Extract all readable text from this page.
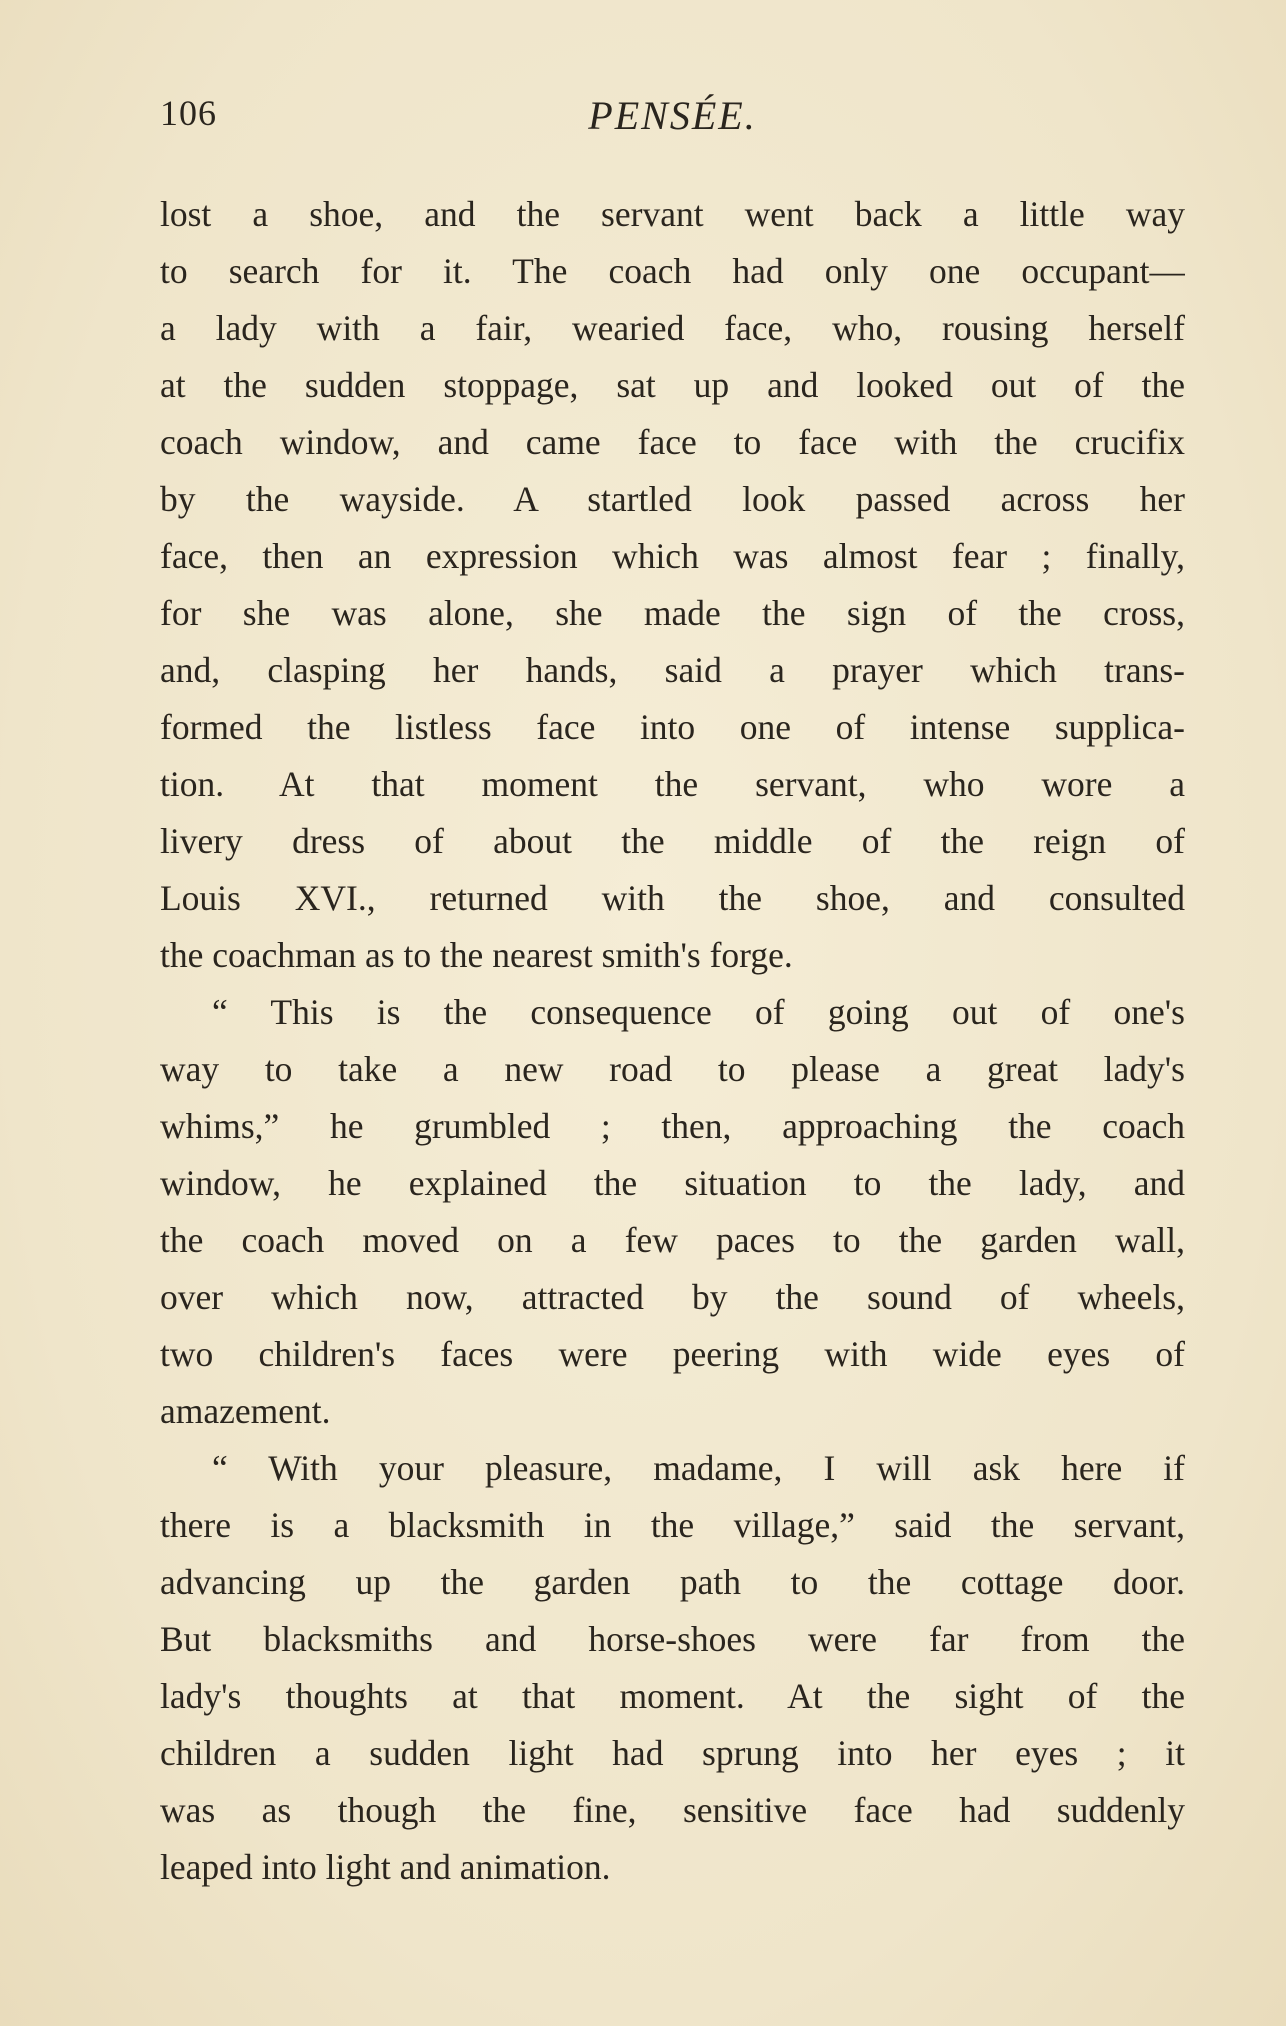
106	PENSÉE.
lost a shoe, and the servant went back a little way
to search for it. The coach had only one occupant—
a lady with a fair, wearied face, who, rousing herself
at the sudden stoppage, sat up and looked out of the
coach window, and came face to face with the crucifix
by the wayside. A startled look passed across her
face, then an expression which was almost fear ; finally,
for she was alone, she made the sign of the cross,
and, clasping her hands, said a prayer which trans-
formed the listless face into one of intense supplica-
tion. At that moment the servant, who wore a
livery dress of about the middle of the reign of
Louis XVI., returned with the shoe, and consulted
the coachman as to the nearest smith's forge.
“ This is the consequence of going out of one's
way to take a new road to please a great lady's
whims,” he grumbled ; then, approaching the coach
window, he explained the situation to the lady, and
the coach moved on a few paces to the garden wall,
over which now, attracted by the sound of wheels,
two children's faces were peering with wide eyes of
amazement.
“ With your pleasure, madame, I will ask here if
there is a blacksmith in the village,” said the servant,
advancing up the garden path to the cottage door.
But blacksmiths and horse-shoes were far from the
lady's thoughts at that moment. At the sight of the
children a sudden light had sprung into her eyes ; it
was as though the fine, sensitive face had suddenly
leaped into light and animation.
